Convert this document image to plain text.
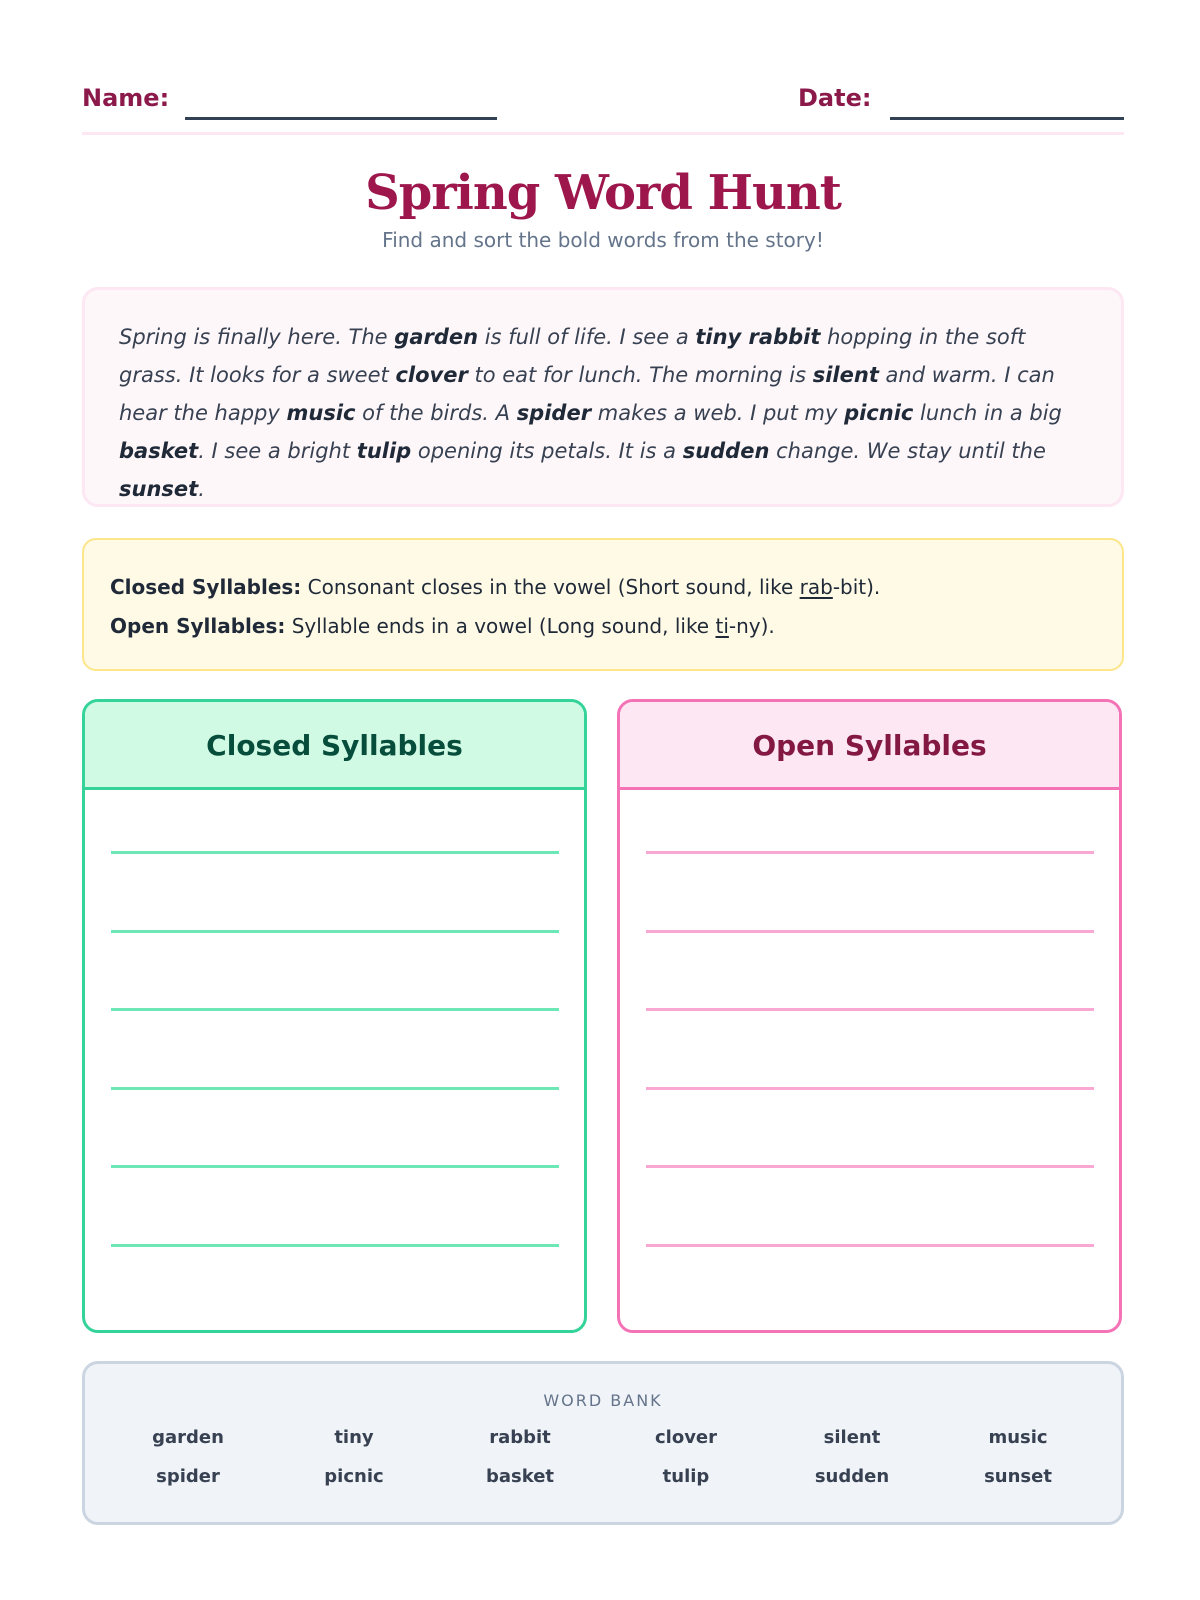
Name:	Date:
Spring Word Hunt
Find and sort the bold words from the story!
Spring is finally here. The garden is full of life. I see a tiny rabbit hopping in the soft grass. It looks for a sweet clover to eat for lunch. The morning is silent and warm. I can hear the happy music of the birds. A spider makes a web. I put my picnic lunch in a big basket. I see a bright tulip opening its petals. It is a sudden change. We stay until the sunset.
Closed Syllables: Consonant closes in the vowel (Short sound, like rab-bit).
Open Syllables: Syllable ends in a vowel (Long sound, like ti-ny).
Closed Syllables	Open Syllables
WORD BANK
garden	tiny	rabbit	clover	silent	music
spider	picnic	basket	tulip	sudden	sunset
